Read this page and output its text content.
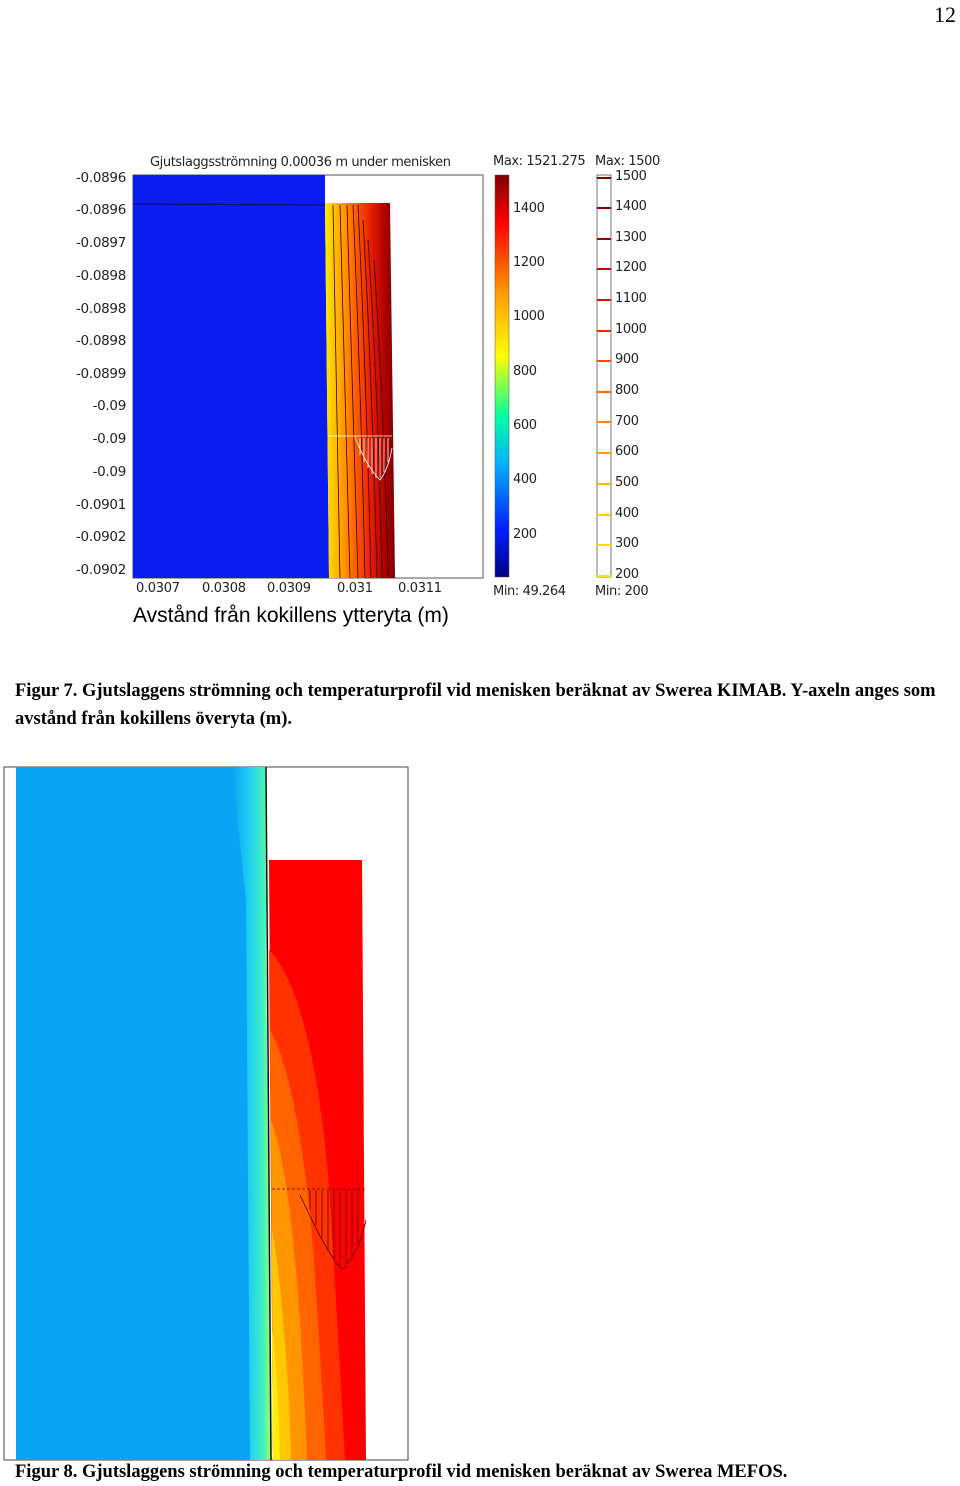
12
Gjutslaggsströmning 0.00036 m under menisken
-0.0896
-0.0896
-0.0897
-0.0898
-0.0898
-0.0898
-0.0899
-0.09
-0.09
-0.09
-0.0901
-0.0902
-0.0902
0.0307 0.0308 0.0309 0.031 0.0311
Avstånd från kokillens ytteryta (m)
Max: 1521.275 Max: 1500
Min: 49.264 Min: 200
1400
1200
1000
800
600
400
200
1500
1400
1300
1200
1100
1000
900
800
700
600
500
400
300
200
Figur 7. Gjutslaggens strömning och temperaturprofil vid menisken beräknat av Swerea KIMAB. Y-axeln anges som avstånd från kokillens överyta (m).
Figur 8. Gjutslaggens strömning och temperaturprofil vid menisken beräknat av Swerea MEFOS.
